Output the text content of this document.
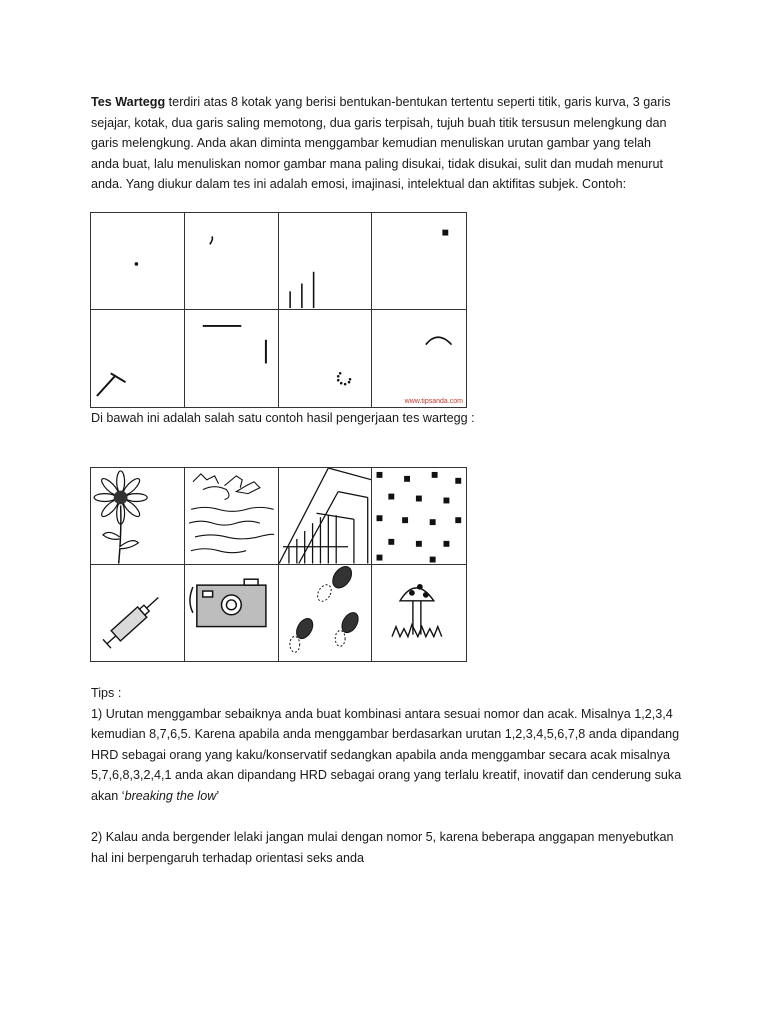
Tes Wartegg terdiri atas 8 kotak yang berisi bentukan-bentukan tertentu seperti titik, garis kurva, 3 garis
sejajar, kotak, dua garis saling memotong, dua garis terpisah, tujuh buah titik tersusun melengkung dan
garis melengkung. Anda akan diminta menggambar kemudian menuliskan urutan gambar yang telah
anda buat, lalu menuliskan nomor gambar mana paling disukai, tidak disukai, sulit dan mudah menurut
anda. Yang diukur dalam tes ini adalah emosi, imajinasi, intelektual dan aktifitas subjek. Contoh:
www.tipsanda.com

Di bawah ini adalah salah satu contoh hasil pengerjaan tes wartegg :

Tips :
1) Urutan menggambar sebaiknya anda buat kombinasi antara sesuai nomor dan acak. Misalnya 1,2,3,4
kemudian 8,7,6,5. Karena apabila anda menggambar berdasarkan urutan 1,2,3,4,5,6,7,8 anda dipandang
HRD sebagai orang yang kaku/konservatif sedangkan apabila anda menggambar secara acak misalnya
5,7,6,8,3,2,4,1 anda akan dipandang HRD sebagai orang yang terlalu kreatif, inovatif dan cenderung suka
akan ‘breaking the low’
2) Kalau anda bergender lelaki jangan mulai dengan nomor 5, karena beberapa anggapan menyebutkan
hal ini berpengaruh terhadap orientasi seks anda
